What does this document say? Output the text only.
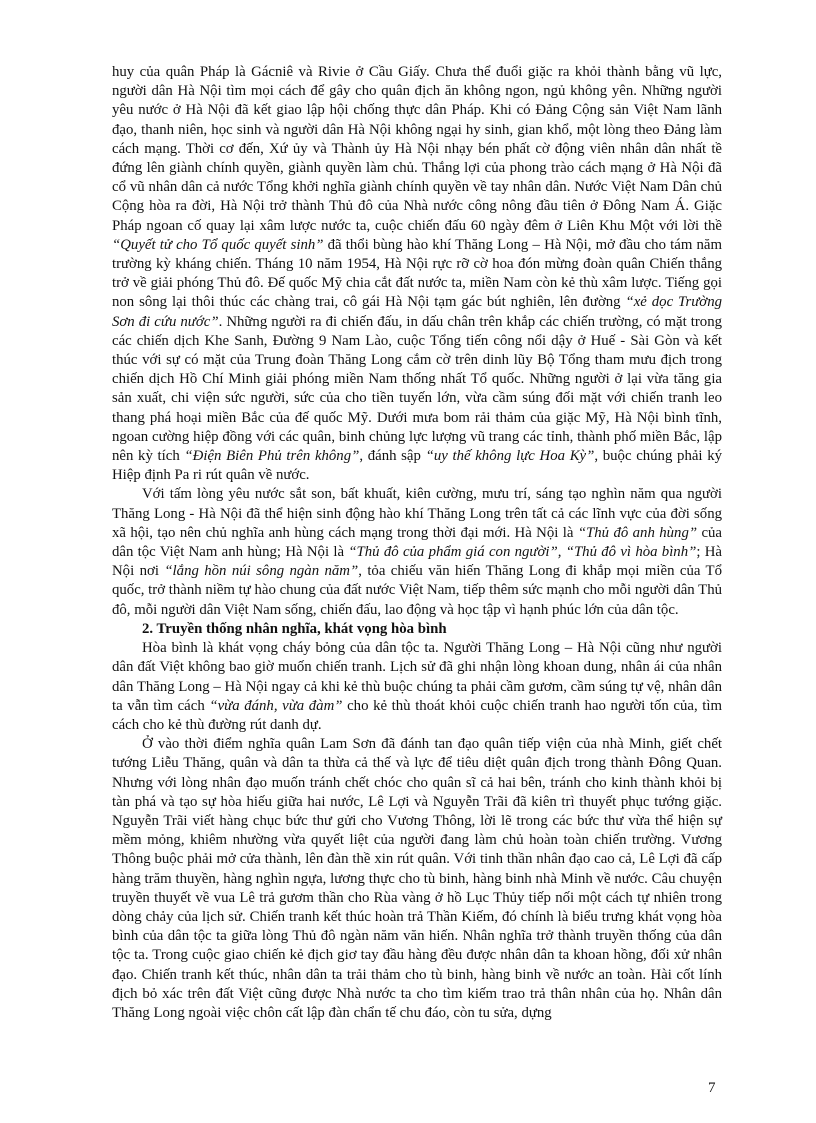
huy của quân Pháp là Gácniê và Rivie ở Cầu Giấy. Chưa thể đuổi giặc ra khỏi thành bằng vũ lực, người dân Hà Nội tìm mọi cách để gây cho quân địch ăn không ngon, ngủ không yên. Những người yêu nước ở Hà Nội đã kết giao lập hội chống thực dân Pháp. Khi có Đảng Cộng sản Việt Nam lãnh đạo, thanh niên, học sinh và người dân Hà Nội không ngại hy sinh, gian khổ, một lòng theo Đảng làm cách mạng. Thời cơ đến, Xứ ủy và Thành ủy Hà Nội nhạy bén phất cờ động viên nhân dân nhất tề đứng lên giành chính quyền, giành quyền làm chủ. Thắng lợi của phong trào cách mạng ở Hà Nội đã cổ vũ nhân dân cả nước Tổng khởi nghĩa giành chính quyền về tay nhân dân. Nước Việt Nam Dân chủ Cộng hòa ra đời, Hà Nội trở thành Thủ đô của Nhà nước công nông đầu tiên ở Đông Nam Á. Giặc Pháp ngoan cố quay lại xâm lược nước ta, cuộc chiến đấu 60 ngày đêm ở Liên Khu Một với lời thề “Quyết tử cho Tổ quốc quyết sinh” đã thổi bùng hào khí Thăng Long – Hà Nội, mở đầu cho tám năm trường kỳ kháng chiến. Tháng 10 năm 1954, Hà Nội rực rỡ cờ hoa đón mừng đoàn quân Chiến thắng trở về giải phóng Thủ đô. Đế quốc Mỹ chia cắt đất nước ta, miền Nam còn kẻ thù xâm lược. Tiếng gọi non sông lại thôi thúc các chàng trai, cô gái Hà Nội tạm gác bút nghiên, lên đường “xẻ dọc Trường Sơn đi cứu nước”. Những người ra đi chiến đấu, in dấu chân trên khắp các chiến trường, có mặt trong các chiến dịch Khe Sanh, Đường 9 Nam Lào, cuộc Tổng tiến công nổi dậy ở Huế - Sài Gòn và kết thúc với sự có mặt của Trung đoàn Thăng Long cắm cờ trên dinh lũy Bộ Tổng tham mưu địch trong chiến dịch Hồ Chí Minh giải phóng miền Nam thống nhất Tổ quốc. Những người ở lại vừa tăng gia sản xuất, chi viện sức người, sức của cho tiền tuyến lớn, vừa cầm súng đối mặt với chiến tranh leo thang phá hoại miền Bắc của đế quốc Mỹ. Dưới mưa bom rải thảm của giặc Mỹ, Hà Nội bình tĩnh, ngoan cường hiệp đồng với các quân, binh chủng lực lượng vũ trang các tỉnh, thành phố miền Bắc, lập nên kỳ tích “Điện Biên Phủ trên không”, đánh sập “uy thế không lực Hoa Kỳ”, buộc chúng phải ký Hiệp định Pa ri rút quân về nước.

Với tấm lòng yêu nước sắt son, bất khuất, kiên cường, mưu trí, sáng tạo nghìn năm qua người Thăng Long - Hà Nội đã thể hiện sinh động hào khí Thăng Long trên tất cả các lĩnh vực của đời sống xã hội, tạo nên chủ nghĩa anh hùng cách mạng trong thời đại mới. Hà Nội là “Thủ đô anh hùng” của dân tộc Việt Nam anh hùng; Hà Nội là “Thủ đô của phẩm giá con người”, “Thủ đô vì hòa bình”; Hà Nội nơi “lắng hồn núi sông ngàn năm”, tỏa chiếu văn hiến Thăng Long đi khắp mọi miền của Tổ quốc, trở thành niềm tự hào chung của đất nước Việt Nam, tiếp thêm sức mạnh cho mỗi người dân Thủ đô, mỗi người dân Việt Nam sống, chiến đấu, lao động và học tập vì hạnh phúc lớn của dân tộc.

2. Truyền thống nhân nghĩa, khát vọng hòa bình

Hòa bình là khát vọng cháy bỏng của dân tộc ta. Người Thăng Long – Hà Nội cũng như người dân đất Việt không bao giờ muốn chiến tranh. Lịch sử đã ghi nhận lòng khoan dung, nhân ái của nhân dân Thăng Long – Hà Nội ngay cả khi kẻ thù buộc chúng ta phải cầm gươm, cầm súng tự vệ, nhân dân ta vẫn tìm cách “vừa đánh, vừa đàm” cho kẻ thù thoát khỏi cuộc chiến tranh hao người tốn của, tìm cách cho kẻ thù đường rút danh dự.

Ở vào thời điểm nghĩa quân Lam Sơn đã đánh tan đạo quân tiếp viện của nhà Minh, giết chết tướng Liễu Thăng, quân và dân ta thừa cả thế và lực để tiêu diệt quân địch trong thành Đông Quan. Nhưng với lòng nhân đạo muốn tránh chết chóc cho quân sĩ cả hai bên, tránh cho kinh thành khỏi bị tàn phá và tạo sự hòa hiếu giữa hai nước, Lê Lợi và Nguyễn Trãi đã kiên trì thuyết phục tướng giặc. Nguyễn Trãi viết hàng chục bức thư gửi cho Vương Thông, lời lẽ trong các bức thư vừa thể hiện sự mềm mỏng, khiêm nhường vừa quyết liệt của người đang làm chủ hoàn toàn chiến trường. Vương Thông buộc phải mở cửa thành, lên đàn thề xin rút quân. Với tinh thần nhân đạo cao cả, Lê Lợi đã cấp hàng trăm thuyền, hàng nghìn ngựa, lương thực cho tù binh, hàng binh nhà Minh về nước. Câu chuyện truyền thuyết về vua Lê trả gươm thần cho Rùa vàng ở hồ Lục Thủy tiếp nối một cách tự nhiên trong dòng chảy của lịch sử. Chiến tranh kết thúc hoàn trả Thần Kiếm, đó chính là biểu trưng khát vọng hòa bình của dân tộc ta giữa lòng Thủ đô ngàn năm văn hiến. Nhân nghĩa trở thành truyền thống của dân tộc ta. Trong cuộc giao chiến kẻ địch giơ tay đầu hàng đều được nhân dân ta khoan hồng, đối xử nhân đạo. Chiến tranh kết thúc, nhân dân ta trải thảm cho tù binh, hàng binh về nước an toàn. Hài cốt lính địch bỏ xác trên đất Việt cũng được Nhà nước ta cho tìm kiếm trao trả thân nhân của họ. Nhân dân Thăng Long ngoài việc chôn cất lập đàn chẩn tế chu đáo, còn tu sửa, dựng

7
